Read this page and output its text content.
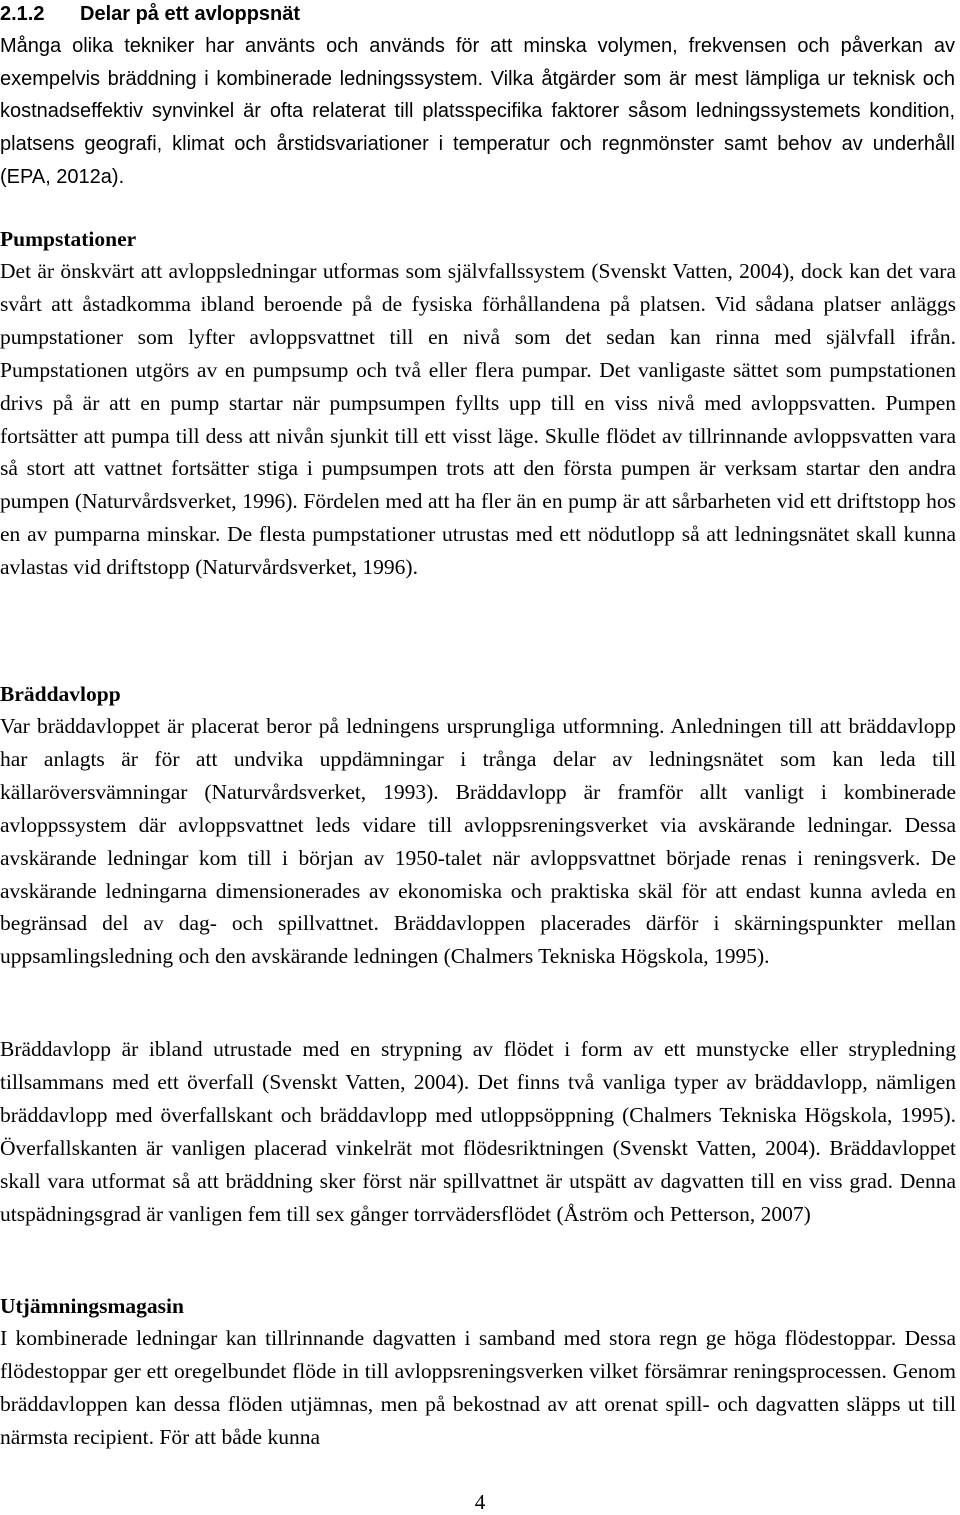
2.1.2 Delar på ett avloppsnät

Många olika tekniker har använts och används för att minska volymen, frekvensen och påverkan av exempelvis bräddning i kombinerade ledningssystem. Vilka åtgärder som är mest lämpliga ur teknisk och kostnadseffektiv synvinkel är ofta relaterat till platsspecifika faktorer såsom ledningssystemets kondition, platsens geografi, klimat och årstidsvariationer i temperatur och regnmönster samt behov av underhåll (EPA, 2012a).

Pumpstationer

Det är önskvärt att avloppsledningar utformas som självfallssystem (Svenskt Vatten, 2004), dock kan det vara svårt att åstadkomma ibland beroende på de fysiska förhållandena på platsen. Vid sådana platser anläggs pumpstationer som lyfter avloppsvattnet till en nivå som det sedan kan rinna med självfall ifrån. Pumpstationen utgörs av en pumpsump och två eller flera pumpar. Det vanligaste sättet som pumpstationen drivs på är att en pump startar när pumpsumpen fyllts upp till en viss nivå med avloppsvatten. Pumpen fortsätter att pumpa till dess att nivån sjunkit till ett visst läge. Skulle flödet av tillrinnande avloppsvatten vara så stort att vattnet fortsätter stiga i pumpsumpen trots att den första pumpen är verksam startar den andra pumpen (Naturvårdsverket, 1996). Fördelen med att ha fler än en pump är att sårbarheten vid ett driftstopp hos en av pumparna minskar. De flesta pumpstationer utrustas med ett nödutlopp så att ledningsnätet skall kunna avlastas vid driftstopp (Naturvårdsverket, 1996).

Bräddavlopp

Var bräddavloppet är placerat beror på ledningens ursprungliga utformning. Anledningen till att bräddavlopp har anlagts är för att undvika uppdämningar i trånga delar av ledningsnätet som kan leda till källaröversvämningar (Naturvårdsverket, 1993). Bräddavlopp är framför allt vanligt i kombinerade avloppssystem där avloppsvattnet leds vidare till avloppsreningsverket via avskärande ledningar. Dessa avskärande ledningar kom till i början av 1950-talet när avloppsvattnet började renas i reningsverk. De avskärande ledningarna dimensionerades av ekonomiska och praktiska skäl för att endast kunna avleda en begränsad del av dag- och spillvattnet. Bräddavloppen placerades därför i skärningspunkter mellan uppsamlingsledning och den avskärande ledningen (Chalmers Tekniska Högskola, 1995).

Bräddavlopp är ibland utrustade med en strypning av flödet i form av ett munstycke eller strypledning tillsammans med ett överfall (Svenskt Vatten, 2004). Det finns två vanliga typer av bräddavlopp, nämligen bräddavlopp med överfallskant och bräddavlopp med utloppsöppning (Chalmers Tekniska Högskola, 1995). Överfallskanten är vanligen placerad vinkelrät mot flödesriktningen (Svenskt Vatten, 2004). Bräddavloppet skall vara utformat så att bräddning sker först när spillvattnet är utspätt av dagvatten till en viss grad. Denna utspädningsgrad är vanligen fem till sex gånger torrvädersflödet (Åström och Petterson, 2007)

Utjämningsmagasin

I kombinerade ledningar kan tillrinnande dagvatten i samband med stora regn ge höga flödestoppar. Dessa flödestoppar ger ett oregelbundet flöde in till avloppsreningsverken vilket försämrar reningsprocessen. Genom bräddavloppen kan dessa flöden utjämnas, men på bekostnad av att orenat spill- och dagvatten släpps ut till närmsta recipient. För att både kunna

4
